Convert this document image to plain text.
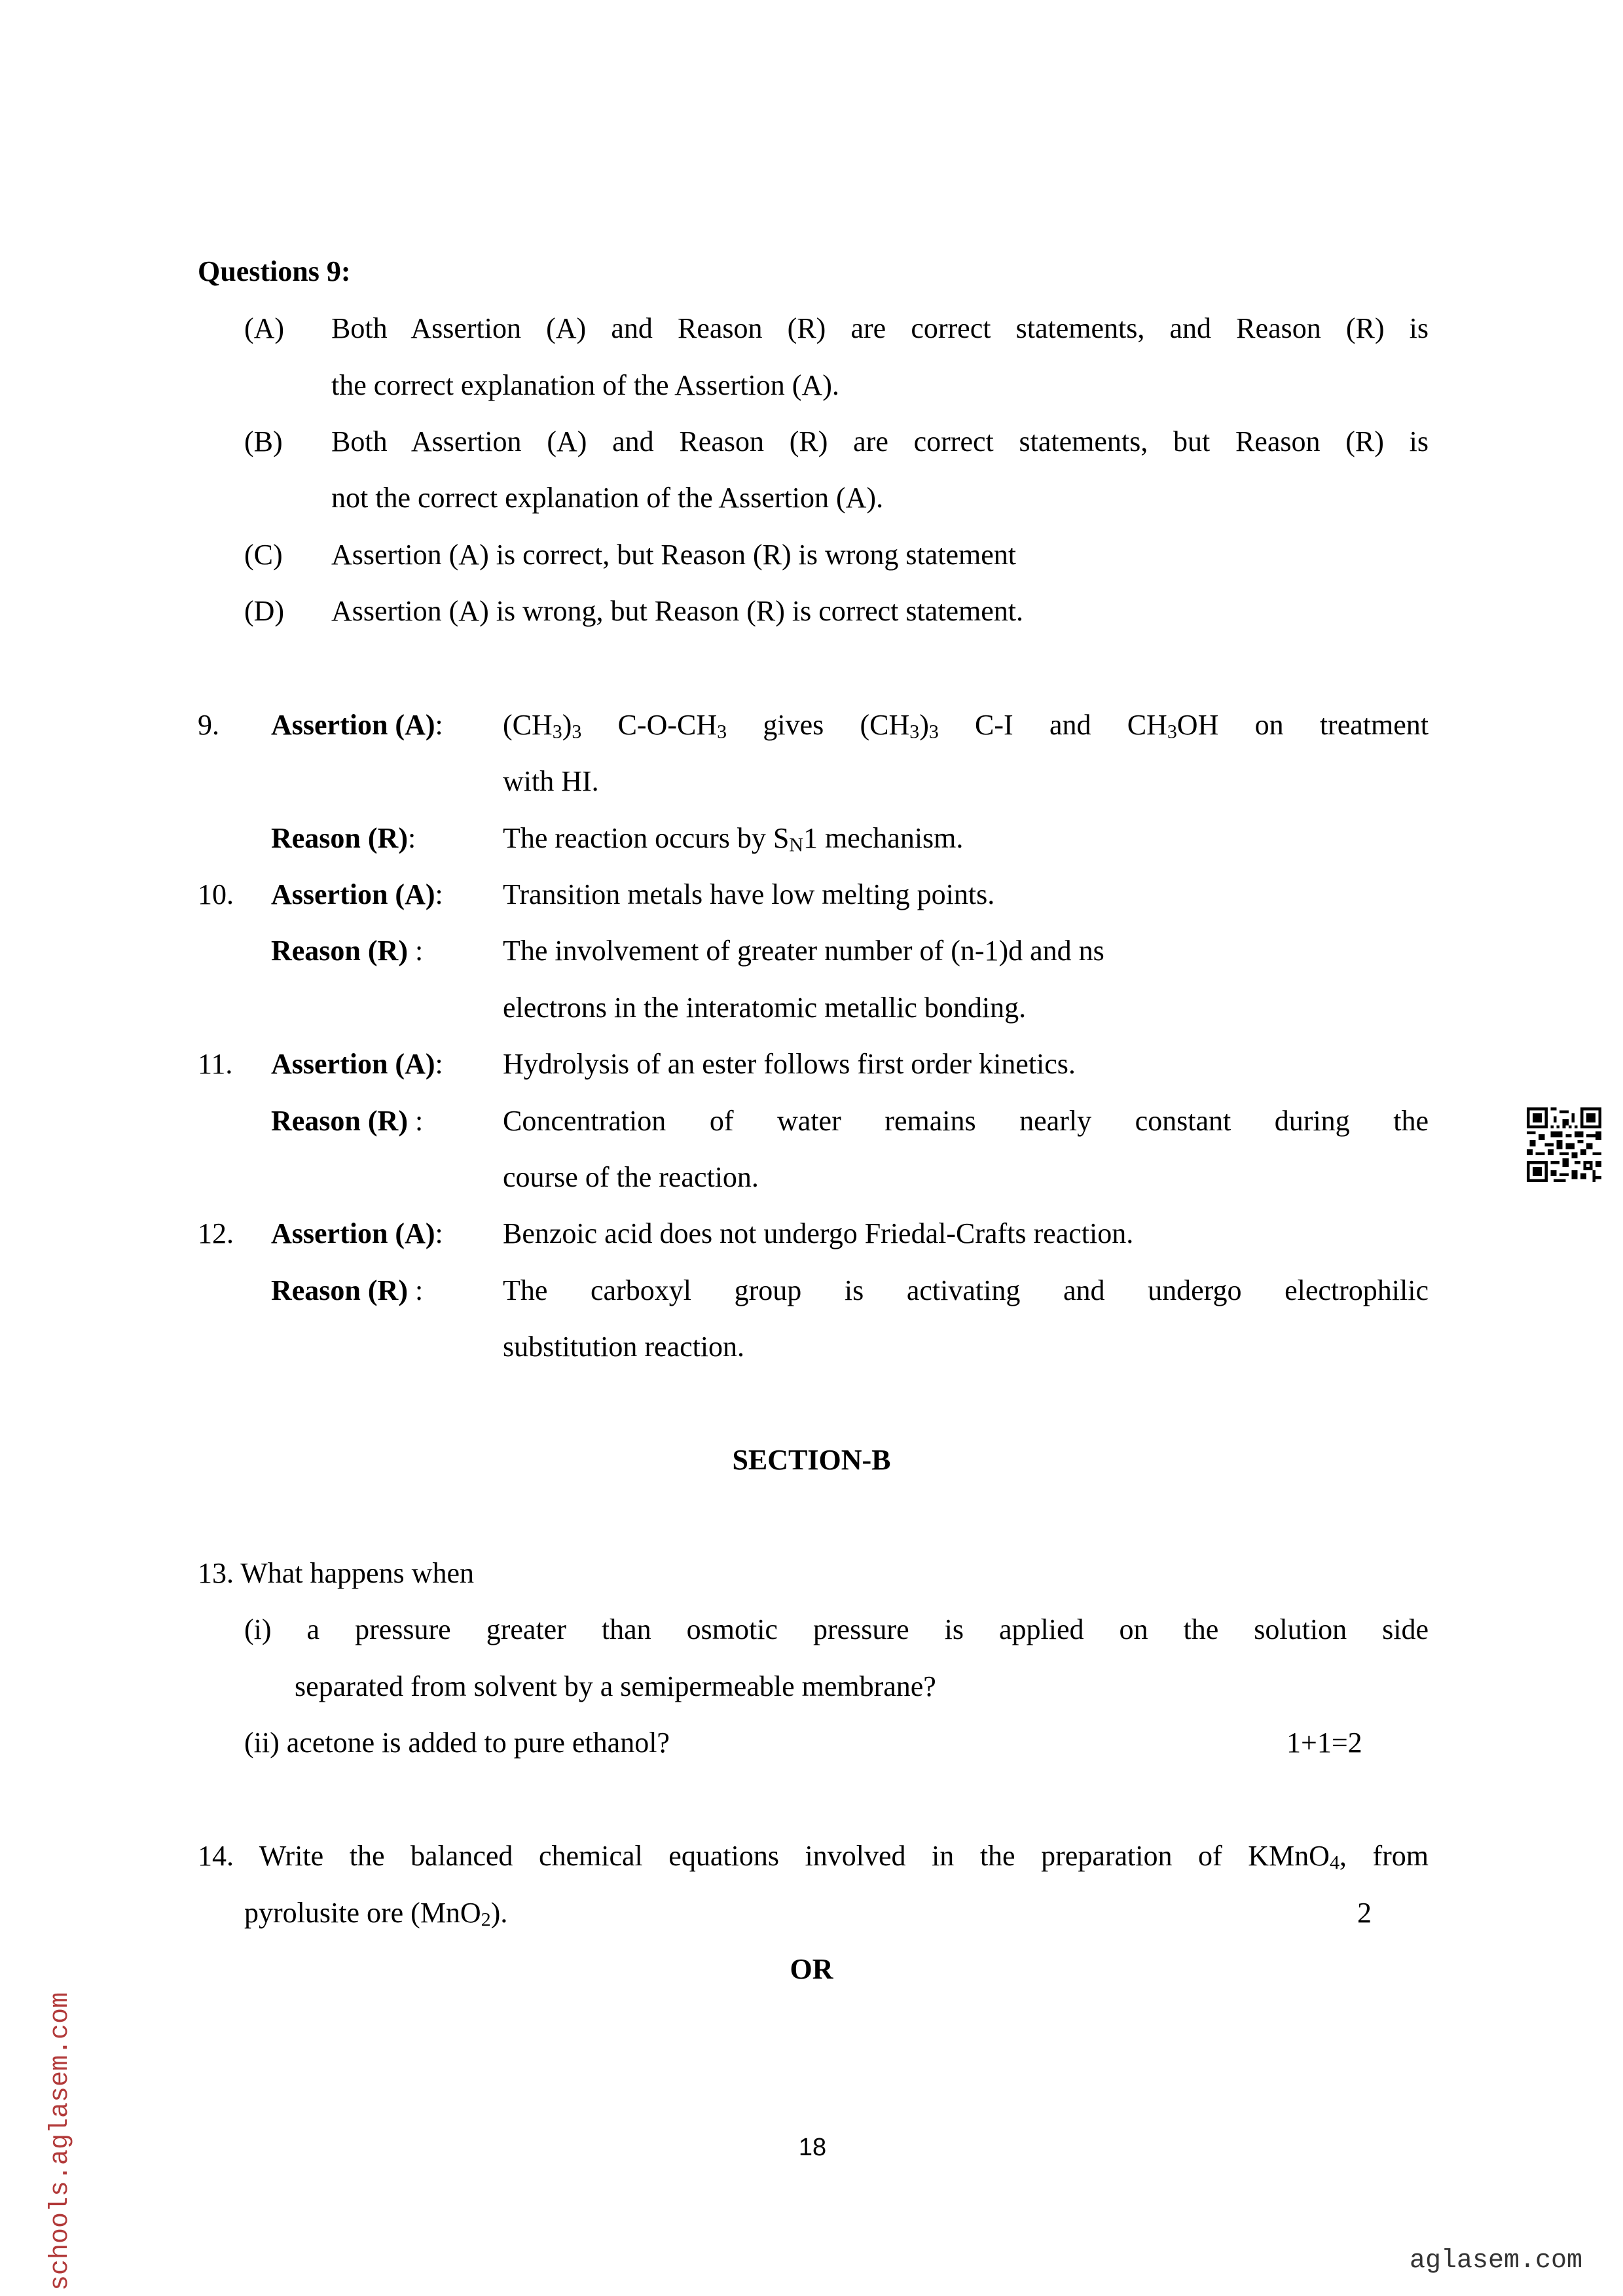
Questions 9:
(A) Both Assertion (A) and Reason (R) are correct statements, and Reason (R) is
the correct explanation of the Assertion (A).
(B) Both Assertion (A) and Reason (R) are correct statements, but Reason (R) is
not the correct explanation of the Assertion (A).
(C) Assertion (A) is correct, but Reason (R) is wrong statement
(D) Assertion (A) is wrong, but Reason (R) is correct statement.
9. Assertion (A): $(CH_3)_3$ $C-O-CH_3$ gives $(CH_3)_3$ C-I and $CH_3OH$ on treatment
with HI.
Reason (R):	The reaction occurs by $S_N1$ mechanism.
10. Assertion (A): Transition metals have low melting points.
Reason (R) :	The involvement of greater number of (n-1)d and ns
electrons in the interatomic metallic bonding.
11. Assertion (A): Hydrolysis of an ester follows first order kinetics.
Reason (R) :	Concentration of water remains nearly constant during the
course of the reaction.
12. Assertion (A): Benzoic acid does not undergo Friedal-Crafts reaction.
Reason (R) :	The carboxyl group is activating and undergo electrophilic
substitution reaction.
SECTION-B
13. What happens when
(i) a pressure greater than osmotic pressure is applied on the solution side
separated from solvent by a semipermeable membrane?
(ii) acetone is added to pure ethanol?	1+1=2
14. Write the balanced chemical equations involved in the preparation of KMnO$_4$, from
pyrolusite ore (MnO$_2$).	2
OR
18
schools.aglasem.com	aglasem.com
